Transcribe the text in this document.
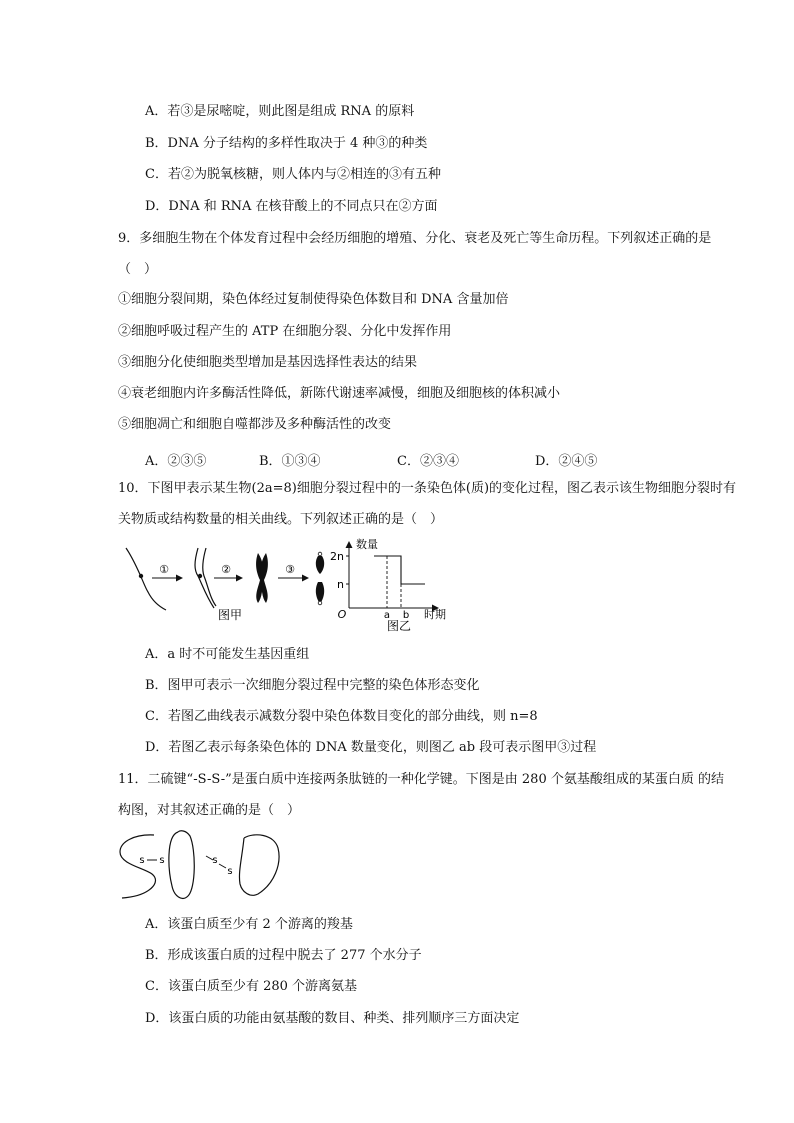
A．若③是尿嘧啶，则此图是组成 RNA 的原料
B．DNA 分子结构的多样性取决于 4 种③的种类
C．若②为脱氧核糖，则人体内与②相连的③有五种
D．DNA 和 RNA 在核苷酸上的不同点只在②方面
9．多细胞生物在个体发育过程中会经历细胞的增殖、分化、衰老及死亡等生命历程。下列叙述正确的是
（　）
①细胞分裂间期，染色体经过复制使得染色体数目和 DNA 含量加倍
②细胞呼吸过程产生的 ATP 在细胞分裂、分化中发挥作用
③细胞分化使细胞类型增加是基因选择性表达的结果
④衰老细胞内许多酶活性降低，新陈代谢速率减慢，细胞及细胞核的体积减小
⑤细胞凋亡和细胞自噬都涉及多种酶活性的改变
A．②③⑤	B．①③④	C．②③④	D．②④⑤
10．下图甲表示某生物(2a=8)细胞分裂过程中的一条染色体(质)的变化过程，图乙表示该生物细胞分裂时有
关物质或结构数量的相关曲线。下列叙述正确的是（　）
①	②	③
图甲
数量
2n
n
O	a b 时期
图乙
A．a 时不可能发生基因重组
B．图甲可表示一次细胞分裂过程中完整的染色体形态变化
C．若图乙曲线表示减数分裂中染色体数目变化的部分曲线，则 n=8
D．若图乙表示每条染色体的 DNA 数量变化，则图乙 ab 段可表示图甲③过程
11．二硫键“-S-S-”是蛋白质中连接两条肽链的一种化学键。下图是由 280 个氨基酸组成的某蛋白质 的结
构图，对其叙述正确的是（　）
s s	s
s
A．该蛋白质至少有 2 个游离的羧基
B．形成该蛋白质的过程中脱去了 277 个水分子
C．该蛋白质至少有 280 个游离氨基
D．该蛋白质的功能由氨基酸的数目、种类、排列顺序三方面决定
